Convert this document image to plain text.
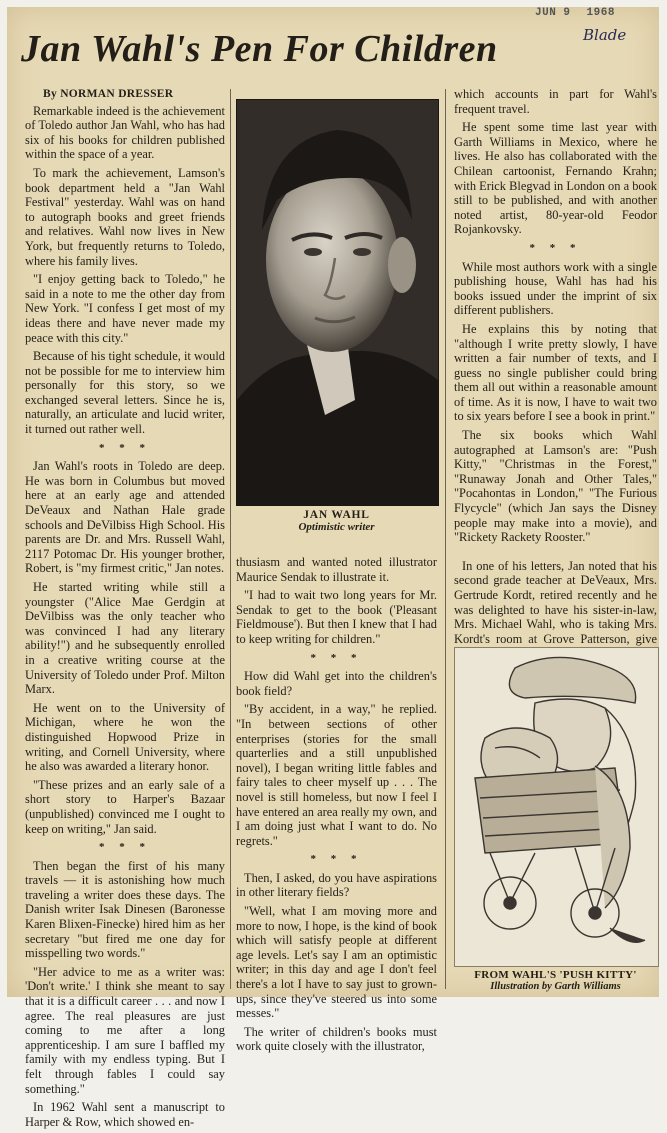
JUN 9 1968
Blade
Jan Wahl's Pen For Children
By NORMAN DRESSER

Remarkable indeed is the achievement of Toledo author Jan Wahl, who has had six of his books for children published within the space of a year.

To mark the achievement, Lamson's book department held a "Jan Wahl Festival" yesterday. Wahl was on hand to autograph books and greet friends and relatives. Wahl now lives in New York, but frequently returns to Toledo, where his family lives.

"I enjoy getting back to Toledo," he said in a note to me the other day from New York. "I confess I get most of my ideas there and have never made my peace with this city."

Because of his tight schedule, it would not be possible for me to interview him personally for this story, so we exchanged several letters. Since he is, naturally, an articulate and lucid writer, it turned out rather well.

* * *

Jan Wahl's roots in Toledo are deep. He was born in Columbus but moved here at an early age and attended DeVeaux and Nathan Hale grade schools and DeVilbiss High School. His parents are Dr. and Mrs. Russell Wahl, 2117 Potomac Dr. His younger brother, Robert, is "my firmest critic," Jan notes.

He started writing while still a youngster ("Alice Mae Gerdgin at DeVilbiss was the only teacher who was convinced I had any literary ability!") and he subsequently enrolled in a creative writing course at the University of Toledo under Prof. Milton Marx.

He went on to the University of Michigan, where he won the distinguished Hopwood Prize in writing, and Cornell University, where he also was awarded a literary honor.

"These prizes and an early sale of a short story to Harper's Bazaar (unpublished) convinced me I ought to keep on writing," Jan said.

* * *

Then began the first of his many travels — it is astonishing how much traveling a writer does these days. The Danish writer Isak Dinesen (Baronesse Karen Blixen-Finecke) hired him as her secretary "but fired me one day for misspelling two words."

"Her advice to me as a writer was: 'Don't write.' I think she meant to say that it is a difficult career . . . and now I agree. The real pleasures are just coming to me after a long apprenticeship. I am sure I baffled my family with my endless typing. But I felt through fables I could say something."

In 1962 Wahl sent a manuscript to Harper & Row, which showed en-

JAN WAHL
Optimistic writer

thusiasm and wanted noted illustrator Maurice Sendak to illustrate it.

"I had to wait two long years for Mr. Sendak to get to the book ('Pleasant Fieldmouse'). But then I knew that I had to keep writing for children."

* * *

How did Wahl get into the children's book field?

"By accident, in a way," he replied. "In between sections of other enterprises (stories for the small quarterlies and a still unpublished novel), I began writing little fables and fairy tales to cheer myself up . . . The novel is still homeless, but now I feel I have entered an area really my own, and I am doing just what I want to do. No regrets."

* * *

Then, I asked, do you have aspirations in other literary fields?

"Well, what I am moving more and more to now, I hope, is the kind of book which will satisfy people at different age levels. Let's say I am an optimistic writer; in this day and age I don't feel there's a lot I have to say just to grown-ups, since they've steered us into some messes."

The writer of children's books must work quite closely with the illustrator,

which accounts in part for Wahl's frequent travel.

He spent some time last year with Garth Williams in Mexico, where he lives. He also has collaborated with the Chilean cartoonist, Fernando Krahn; with Erick Blegvad in London on a book still to be published, and with another noted artist, 80-year-old Feodor Rojankovsky.

* * *

While most authors work with a single publishing house, Wahl has had his books issued under the imprint of six different publishers.

He explains this by noting that "although I write pretty slowly, I have written a fair number of texts, and I guess no single publisher could bring them all out within a reasonable amount of time. As it is now, I have to wait two to six years before I see a book in print."

The six books which Wahl autographed at Lamson's are: "Push Kitty," "Christmas in the Forest," "Runaway Jonah and Other Tales," "Pocahontas in London," "The Furious Flycycle" (which Jan says the Disney people may make into a movie), and "Rickety Rackety Rooster."

In one of his letters, Jan noted that his second grade teacher at DeVeaux, Mrs. Gertrude Kordt, retired recently and he was delighted to have his sister-in-law, Mrs. Michael Wahl, who is taking Mrs. Kordt's room at Grove Patterson, give

FROM WAHL'S 'PUSH KITTY'
Illustration by Garth Williams
